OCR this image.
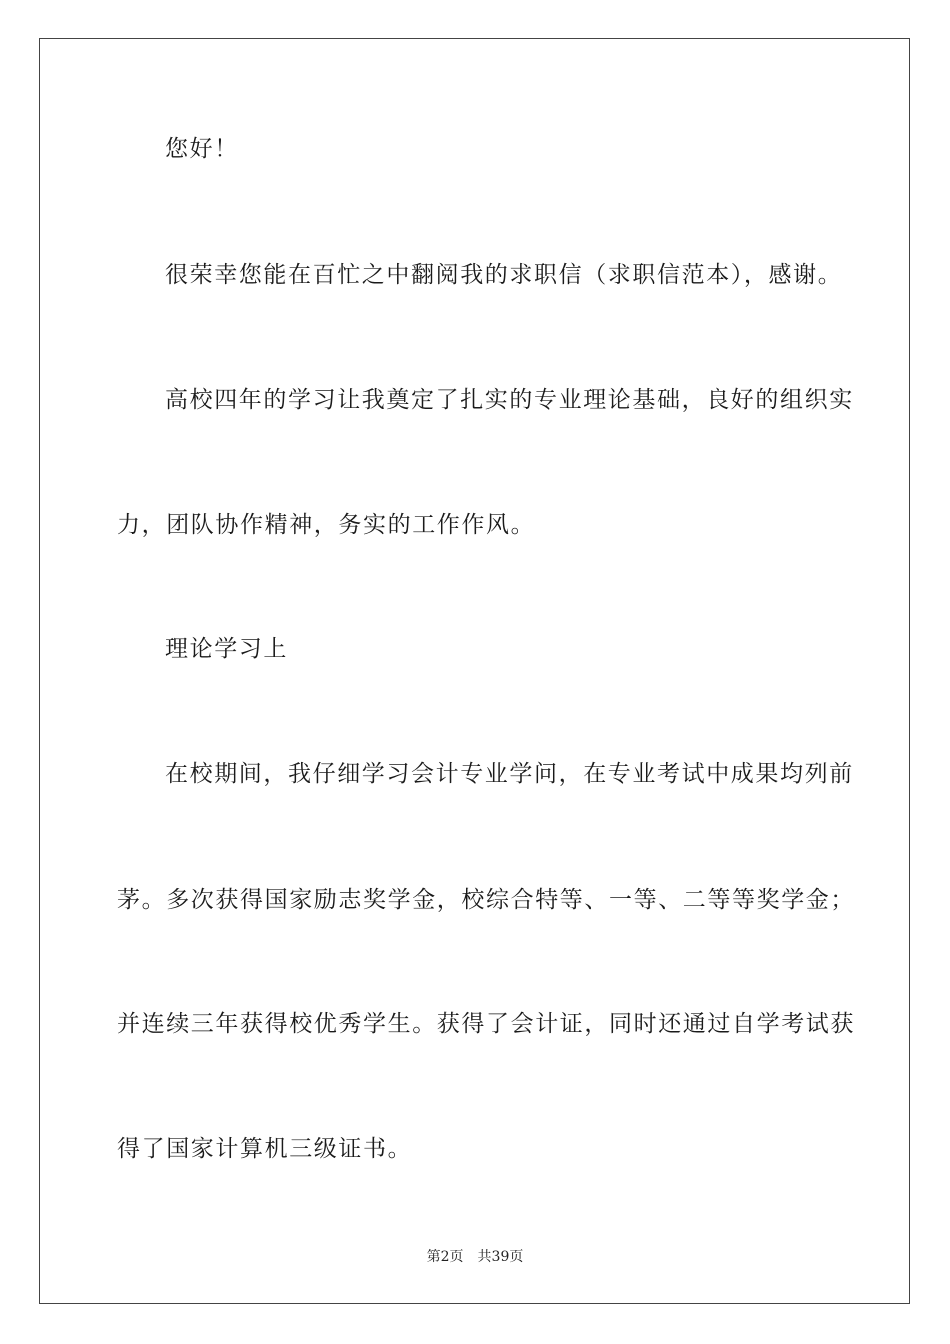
您好！
很荣幸您能在百忙之中翻阅我的求职信（求职信范本），感谢。
高校四年的学习让我奠定了扎实的专业理论基础，良好的组织实
力，团队协作精神，务实的工作作风。
理论学习上
在校期间，我仔细学习会计专业学问，在专业考试中成果均列前
茅。多次获得国家励志奖学金，校综合特等、一等、二等等奖学金；
并连续三年获得校优秀学生。获得了会计证，同时还通过自学考试获
得了国家计算机三级证书。
第2页 共39页
